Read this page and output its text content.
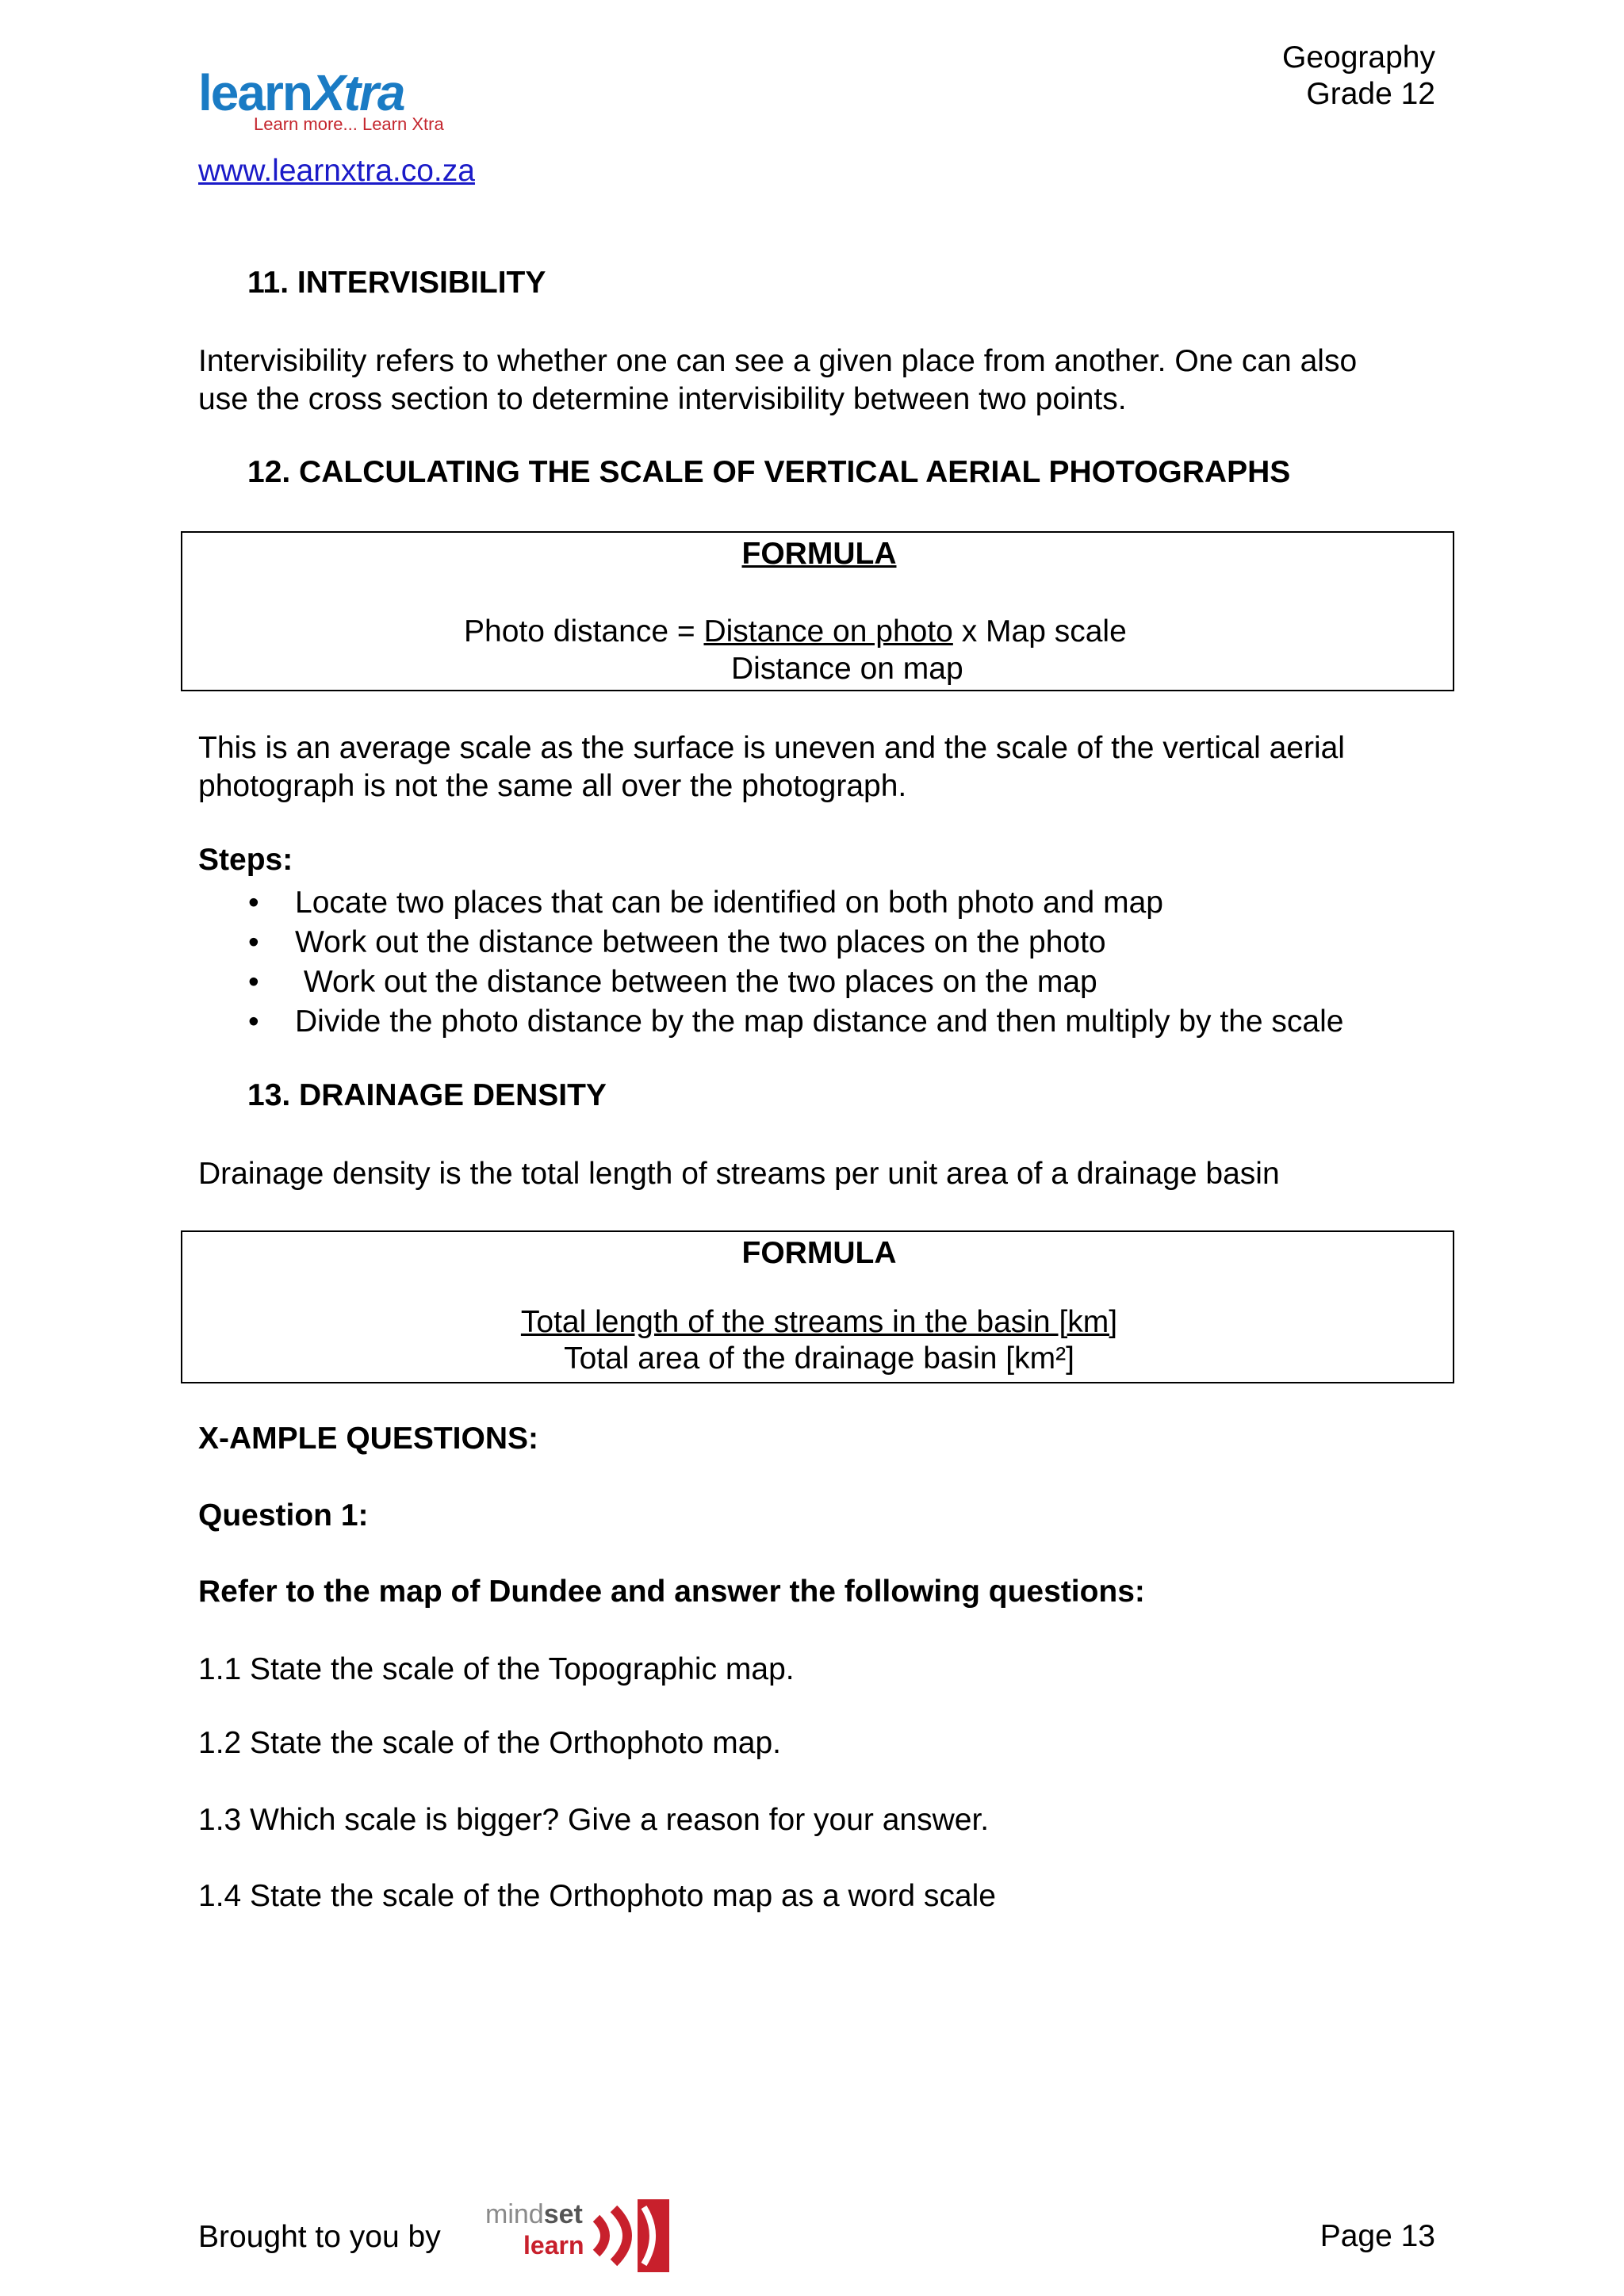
learnXtra
Learn more... Learn Xtra
www.learnxtra.co.za
Geography
Grade 12
11. INTERVISIBILITY
Intervisibility refers to whether one can see a given place from another. One can also
use the cross section to determine intervisibility between two points.
12. CALCULATING THE SCALE OF VERTICAL AERIAL PHOTOGRAPHS
FORMULA
Photo distance = Distance on photo x Map scale
Distance on map
This is an average scale as the surface is uneven and the scale of the vertical aerial
photograph is not the same all over the photograph.
Steps:
• Locate two places that can be identified on both photo and map
• Work out the distance between the two places on the photo
• Work out the distance between the two places on the map
• Divide the photo distance by the map distance and then multiply by the scale
13. DRAINAGE DENSITY
Drainage density is the total length of streams per unit area of a drainage basin
FORMULA
Total length of the streams in the basin [km]
Total area of the drainage basin [km²]
X-AMPLE QUESTIONS:
Question 1:
Refer to the map of Dundee and answer the following questions:
1.1 State the scale of the Topographic map.
1.2 State the scale of the Orthophoto map.
1.3 Which scale is bigger? Give a reason for your answer.
1.4 State the scale of the Orthophoto map as a word scale
Brought to you by
mindset
learn	Page 13
